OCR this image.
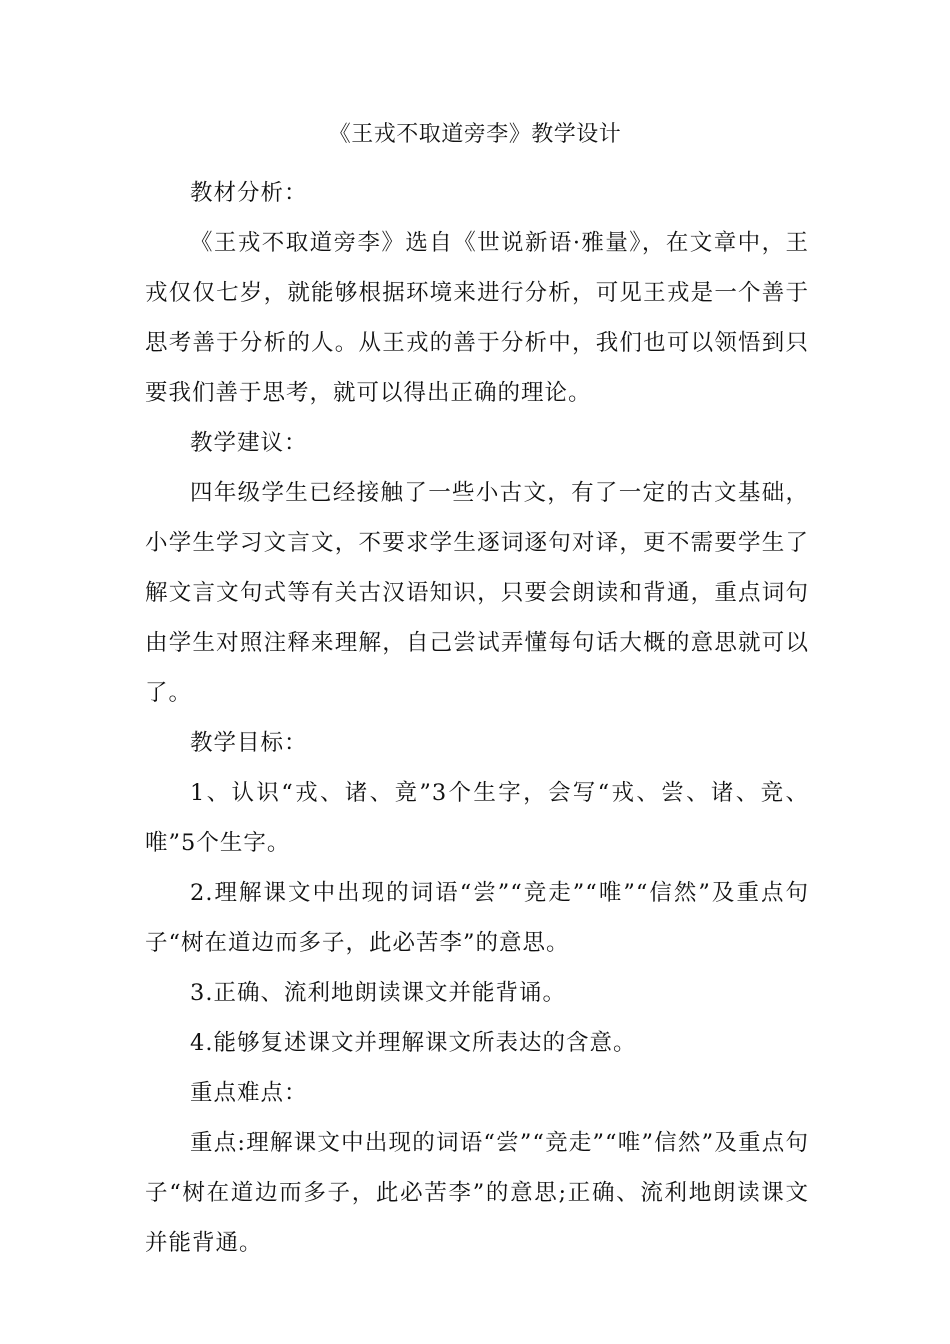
《王戎不取道旁李》教学设计

教材分析：

《王戎不取道旁李》选自《世说新语·雅量》，在文章中，王戎仅仅七岁，就能够根据环境来进行分析，可见王戎是一个善于思考善于分析的人。从王戎的善于分析中，我们也可以领悟到只要我们善于思考，就可以得出正确的理论。

教学建议：

四年级学生已经接触了一些小古文，有了一定的古文基础，小学生学习文言文，不要求学生逐词逐句对译，更不需要学生了解文言文句式等有关古汉语知识，只要会朗读和背通，重点词句由学生对照注释来理解，自己尝试弄懂每句话大概的意思就可以了。

教学目标：

1、认识“戎、诸、竟”3个生字，会写“戎、尝、诸、竞、唯”5个生字。

2.理解课文中出现的词语“尝”“竞走”“唯”“信然”及重点句子“树在道边而多子，此必苦李”的意思。

3.正确、流利地朗读课文并能背诵。

4.能够复述课文并理解课文所表达的含意。

重点难点：

重点:理解课文中出现的词语“尝”“竞走”“唯”信然”及重点句子“树在道边而多子，此必苦李”的意思;正确、流利地朗读课文并能背通。
